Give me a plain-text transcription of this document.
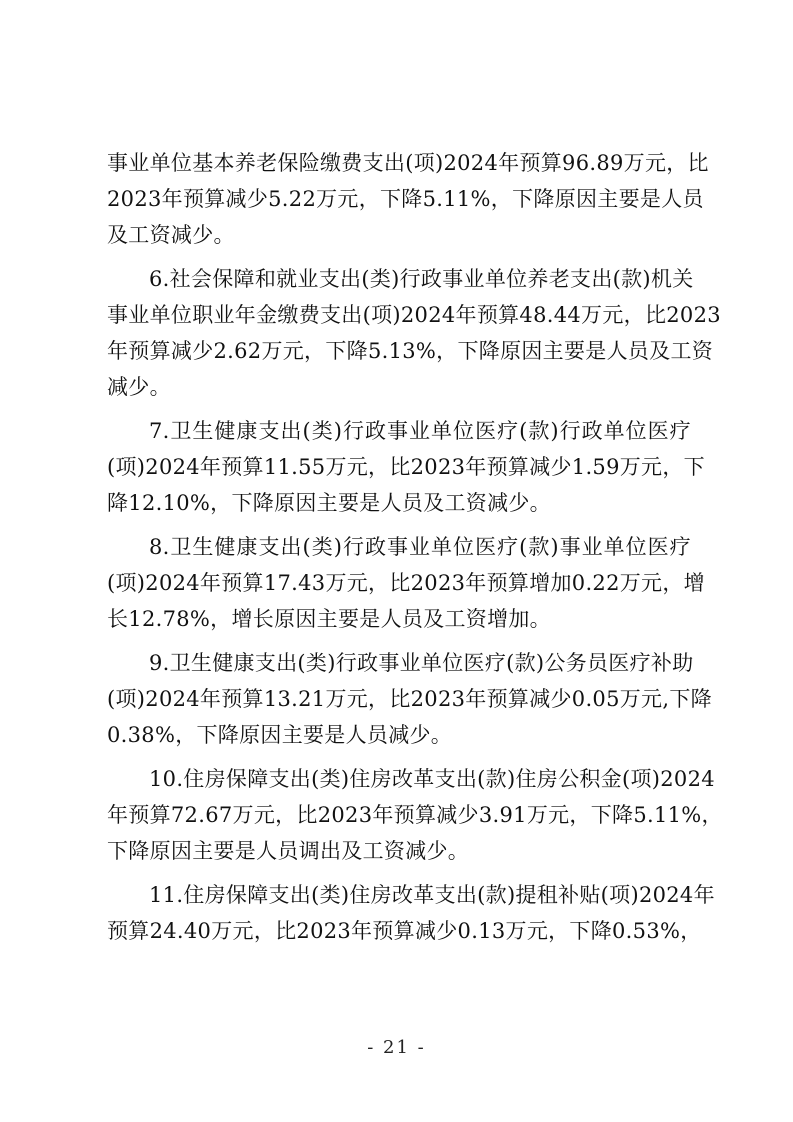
事业单位基本养老保险缴费支出(项)2024年预算96.89万元，比
2023年预算减少5.22万元，下降5.11%，下降原因主要是人员
及工资减少。
6.社会保障和就业支出(类)行政事业单位养老支出(款)机关
事业单位职业年金缴费支出(项)2024年预算48.44万元，比2023
年预算减少2.62万元，下降5.13%，下降原因主要是人员及工资
减少。
7.卫生健康支出(类)行政事业单位医疗(款)行政单位医疗
(项)2024年预算11.55万元，比2023年预算减少1.59万元，下
降12.10%，下降原因主要是人员及工资减少。
8.卫生健康支出(类)行政事业单位医疗(款)事业单位医疗
(项)2024年预算17.43万元，比2023年预算增加0.22万元，增
长12.78%，增长原因主要是人员及工资增加。
9.卫生健康支出(类)行政事业单位医疗(款)公务员医疗补助
(项)2024年预算13.21万元，比2023年预算减少0.05万元,下降
0.38%，下降原因主要是人员减少。
10.住房保障支出(类)住房改革支出(款)住房公积金(项)2024
年预算72.67万元，比2023年预算减少3.91万元，下降5.11%，
下降原因主要是人员调出及工资减少。
11.住房保障支出(类)住房改革支出(款)提租补贴(项)2024年
预算24.40万元，比2023年预算减少0.13万元，下降0.53%，
- 21 -
